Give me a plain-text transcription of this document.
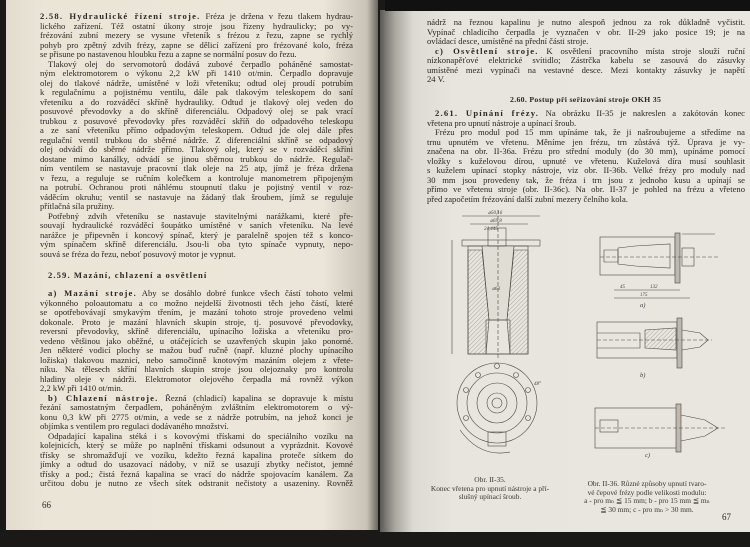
2.58. Hydraulické řízení stroje. Fréza je držena v řezu tlakem hydrau-
lického zařízení. Též ostatní úkony stroje jsou řízeny hydraulicky; po vy-
frézování zubní mezery se vysune vřeteník s frézou z řezu, zapne se rychlý
pohyb pro zpětný zdvih frézy, zapne se dělicí zařízení pro frézované kolo, fréza
se přisune po nastavenou hloubku řezu a zapne se normální posuv do řezu.
Tlakový olej do servomotorů dodává zubové čerpadlo poháněné samostat-
ným elektromotorem o výkonu 2,2 kW při 1410 ot/min. Čerpadlo dopravuje
olej do tlakové nádrže, umístěné v loži vřeteníku; odtud olej proudí potrubím
k regulačnímu a pojistnému ventilu, dále pak tlakovým teleskopem do saní
vřeteníku a do rozváděcí skříně hydrauliky. Odtud je tlakový olej veden do
posuvové převodovky a do skříně diferenciálu. Odpadový olej se pak vrací
trubkou z posuvové převodovky přes rozváděcí skříň do odpadového teleskopu
a ze saní vřeteníku přímo odpadovým teleskopem. Odtud jde olej dále přes
regulační ventil trubkou do sběrné nádrže. Z diferenciální skříně se odpadový
olej odvádí do sběrné nádrže přímo. Tlakový olej, který se v rozváděcí skříni
dostane mimo kanálky, odvádí se jinou sběrnou trubkou do nádrže. Regulač-
ním ventilem se nastavuje pracovní tlak oleje na 25 atp, jímž je fréza držena
v řezu, a reguluje se ručním kolečkem a kontroluje manometrem připojeným
na potrubí. Ochranou proti náhlému stoupnutí tlaku je pojistný ventil v roz-
váděcím okruhu; ventil se nastavuje na žádaný tlak šroubem, jímž se reguluje
přítlačná síla pružiny.
Potřebný zdvih vřeteníku se nastavuje stavitelnými narážkami, které pře-
souvají hydraulické rozváděcí šoupátko umístěné v saních vřeteníku. Na levé
narážce je připevněn i koncový spínač, který je paralelně spojen též s konco-
vým spínačem skříně diferenciálu. Jsou-li oba tyto spínače vypnuty, nepo-
souvá se fréza do řezu, neboť posuvový motor je vypnut.
2.59. Mazání, chlazení a osvětlení
a) Mazání stroje. Aby se dosáhlo dobré funkce všech částí tohoto velmi
výkonného poloautomatu a co možno nejdelší životnosti těch jeho částí, které
se opotřebovávají smykavým třením, je mazání tohoto stroje provedeno velmi
dokonale. Proto je mazání hlavních skupin stroje, tj. posuvové převodovky,
reversní převodovky, skříně diferenciálu, upínacího ložiska a vřeteníku pro-
vedeno většinou jako oběžné, u otáčejících se uzavřených skupin jako ponorné.
Jen některé vodicí plochy se mažou buď ručně (např. kluzné plochy upínacího
ložiska) tlakovou maznicí, nebo samočinně knotovým mazáním olejem z vřete-
níku. Na tělesech skříní hlavních skupin stroje jsou olejoznaky pro kontrolu
hladiny oleje v nádrži. Elektromotor olejového čerpadla má rovněž výkon
2,2 kW při 1410 ot/min.
b) Chlazení nástroje. Řezná (chladicí) kapalina se dopravuje k místu
řezání samostatným čerpadlem, poháněným zvláštním elektromotorem o vý-
konu 0,3 kW při 2775 ot/min, a vede se z nádrže potrubím, na jehož konci je
objímka s ventilem pro regulaci dodávaného množství.
Odpadající kapalina stéká i s kovovými třískami do speciálního vozíku na
kolejnicích, který se může po naplnění třískami odsunout a vyprázdnit. Kovové
třísky se shromažďují ve vozíku, kdežto řezná kapalina proteče sítkem do
jímky a odtud do usazovací nádoby, v níž se usazují zbytky nečistot, jemné
třísky a pod.; čistá řezná kapalina se vrací do nádrže spojovacím kanálem. Za
určitou dobu je nutno ze všech sítek odstranit nečistoty a usazeniny. Rovněž
66
nádrž na řeznou kapalinu je nutno alespoň jednou za rok důkladně vyčistit.
Vypínač chladicího čerpadla je vyznačen v obr. II-29 jako posice 19; je na
ovládací desce, umístěné na přední části stroje.
c) Osvětlení stroje. K osvětlení pracovního místa stroje slouží ruční
nízkonapěťové elektrické svítidlo; Zástrčka kabelu se zasouvá do zásuvky
umístěné mezi vypínači na vestavné desce. Mezi kontakty zásuvky je napětí
24 V.
2.60. Postup při seřizování stroje OKH 35
2.61. Upínání frézy. Na obrázku II-35 je nakreslen a zakótován konec
vřetena pro upnutí nástroje a upínací šroub.
Frézu pro modul pod 15 mm upínáme tak, že ji našroubujeme a středíme na
trnu upnutém ve vřetenu. Měníme jen frézu, trn zůstává týž. Úprava je vy-
značena na obr. II-36a. Frézu pro střední moduly (do 30 mm), upínáme pomocí
vložky s kuželovou dírou, upnuté ve vřetenu. Kuželová díra musí souhlasit
s kuželem upínací stopky nástroje, viz obr. II-36b. Velké frézy pro moduly nad
30 mm jsou provedeny tak, že fréza i trn jsou z jednoho kusu a upínají se
přímo ve vřetenu stroje (obr. II-36c). Na obr. II-37 je pohled na frézu a vřeteno
před započetím frézování další zubní mezery čelního kola.
⌀50,16
⌀69,8
24,445
⌀63
48°
45	132
175
a)
b)
c)
Obr. II-35.
Konec vřetena pro upnutí nástroje a pří-
slušný upínací šroub.
Obr. II-36. Různé způsoby upnutí tvaro-
vé čepové frézy podle velikosti modulu:
a - pro mₙ ≦ 15 mm; b - pro 15 mm ≦ mₙ
≦ 30 mm; c - pro mₙ > 30 mm.
67
